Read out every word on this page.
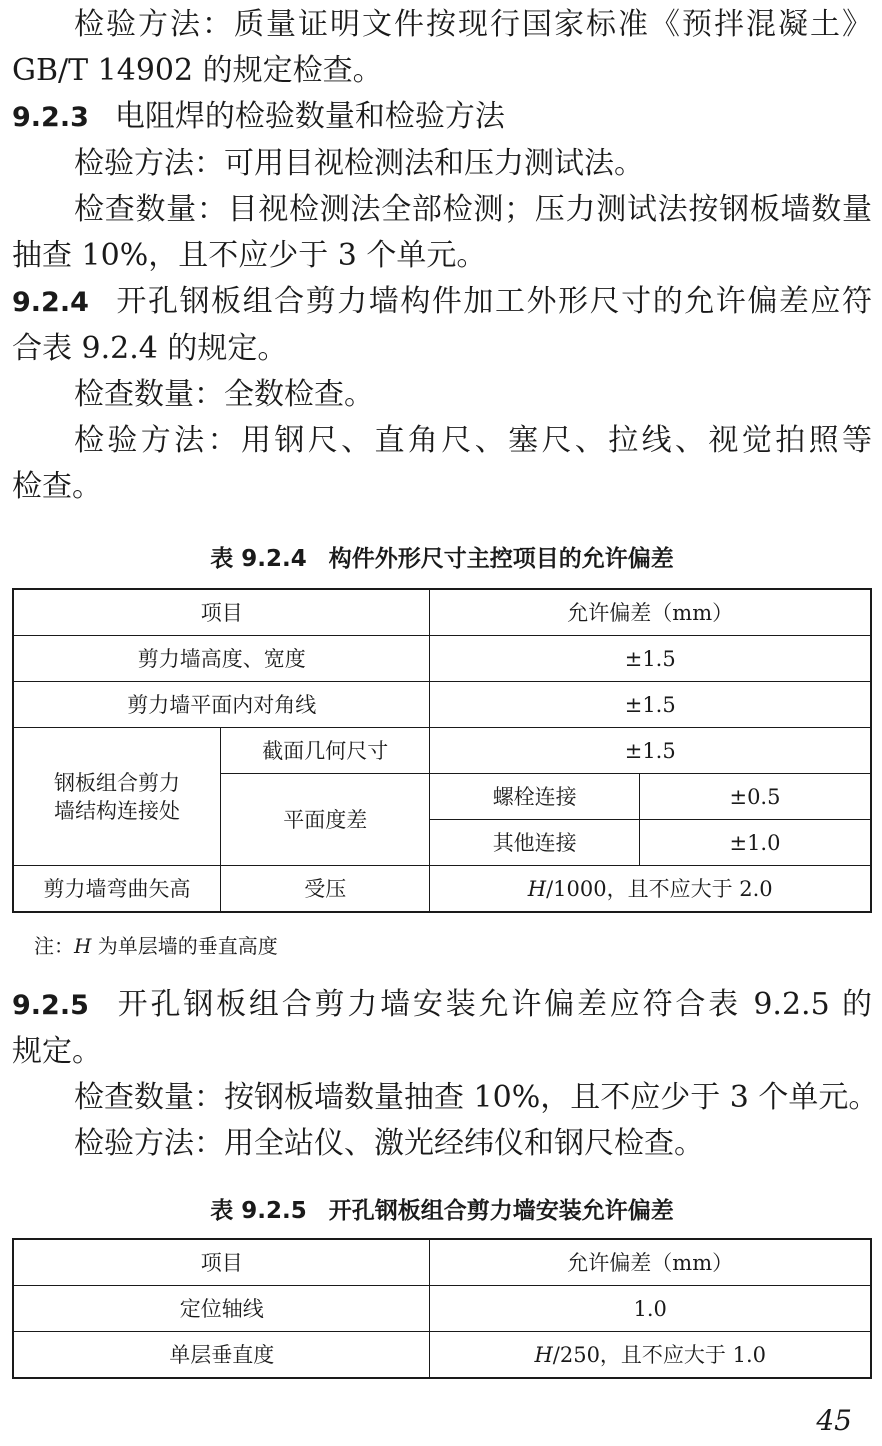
检验方法：质量证明文件按现行国家标准《预拌混凝土》

GB/T 14902 的规定检查。

9.2.3 电阻焊的检验数量和检验方法

检验方法：可用目视检测法和压力测试法。

检查数量：目视检测法全部检测；压力测试法按钢板墙数量

抽查 10%，且不应少于 3 个单元。

9.2.4 开孔钢板组合剪力墙构件加工外形尺寸的允许偏差应符

合表 9.2.4 的规定。

检查数量：全数检查。

检验方法：用钢尺、直角尺、塞尺、拉线、视觉拍照等

检查。

表 9.2.4 构件外形尺寸主控项目的允许偏差

项目		允许偏差（mm）	
剪力墙高度、宽度		±1.5	
剪力墙平面内对角线		±1.5	
钢板组合剪力
墙结构连接处	截面几何尺寸	±1.5	
	平面度差	螺栓连接	±0.5
		其他连接	±1.0
剪力墙弯曲矢高	受压	H/1000，且不应大于 2.0	

注：H 为单层墙的垂直高度

9.2.5 开孔钢板组合剪力墙安装允许偏差应符合表 9.2.5 的

规定。

检查数量：按钢板墙数量抽查 10%，且不应少于 3 个单元。

检验方法：用全站仪、激光经纬仪和钢尺检查。

表 9.2.5 开孔钢板组合剪力墙安装允许偏差

项目	允许偏差（mm）
定位轴线	1.0
单层垂直度	H/250，且不应大于 1.0
45
